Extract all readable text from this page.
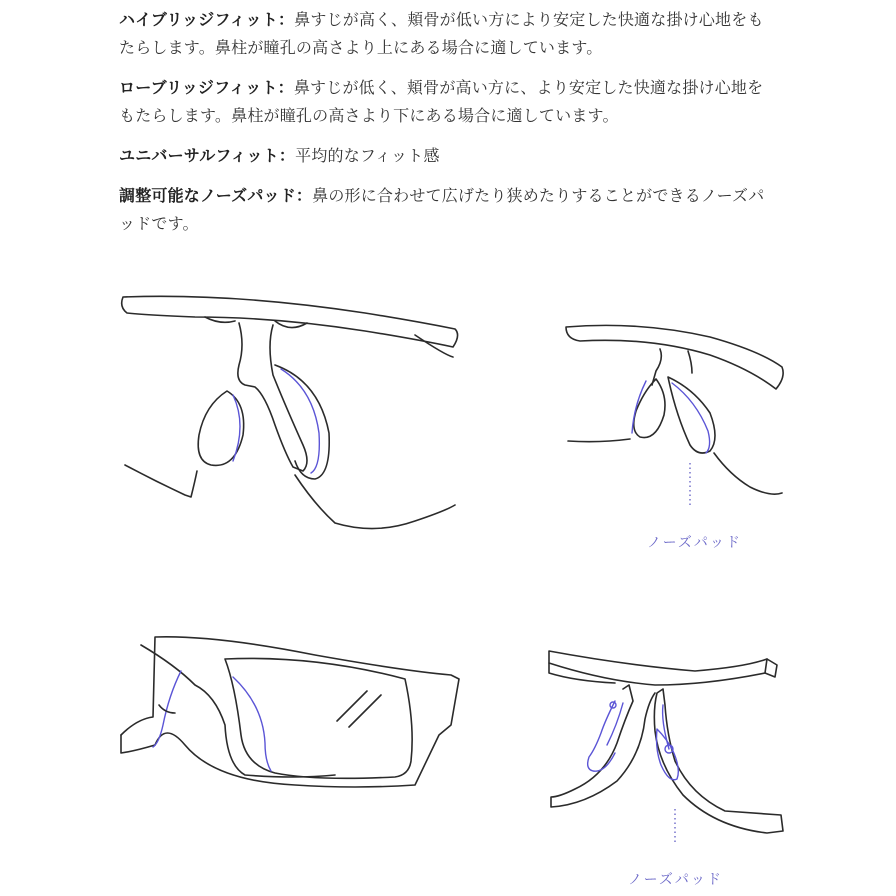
ハイブリッジフィット：鼻すじが高く、頬骨が低い方により安定した快適な掛け心地をもたらします。鼻柱が瞳孔の高さより上にある場合に適しています。

ローブリッジフィット：鼻すじが低く、頬骨が高い方に、より安定した快適な掛け心地をもたらします。鼻柱が瞳孔の高さより下にある場合に適しています。

ユニバーサルフィット：平均的なフィット感

調整可能なノーズパッド：鼻の形に合わせて広げたり狭めたりすることができるノーズパッドです。

ノーズパッド
ノーズパッド
